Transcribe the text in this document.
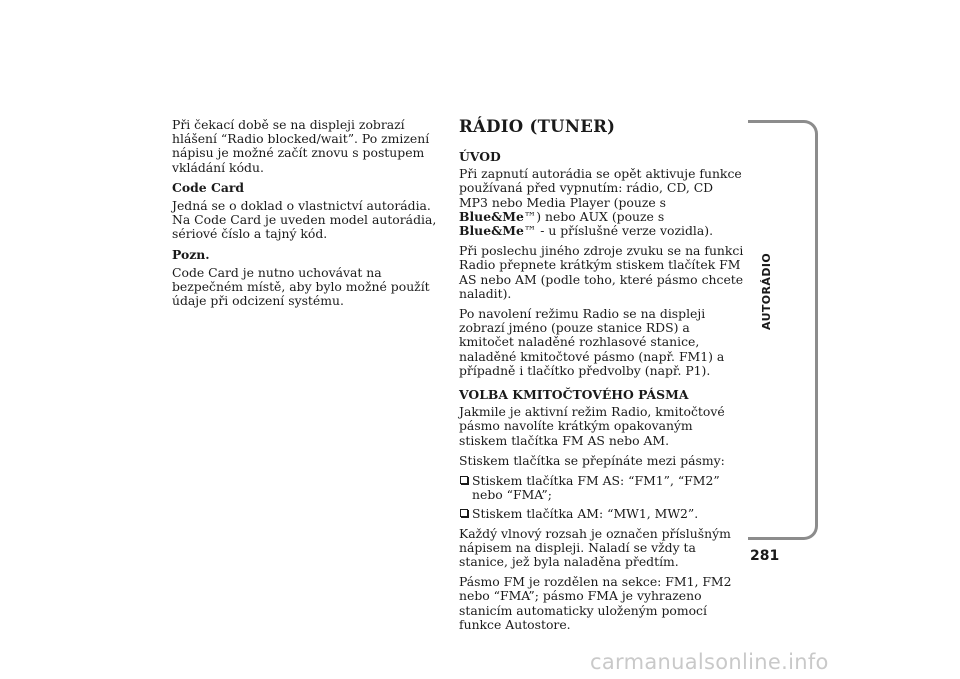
Při čekací době se na displeji zobrazí hlášení “Radio blocked/wait”. Po zmizení nápisu je možné začít znovu s postupem vkládání kódu.

Code Card

Jedná se o doklad o vlastnictví autorádia. Na Code Card je uveden model autorádia, sériové číslo a tajný kód.

Pozn.

Code Card je nutno uchovávat na bezpečném místě, aby bylo možné použít údaje při odcizení systému.

RÁDIO (TUNER)
ÚVOD

Při zapnutí autorádia se opět aktivuje funkce používaná před vypnutím: rádio, CD, CD MP3 nebo Media Player (pouze s Blue&Me™) nebo AUX (pouze s Blue&Me™ - u příslušné verze vozidla).

Při poslechu jiného zdroje zvuku se na funkci Radio přepnete krátkým stiskem tlačítek FM AS nebo AM (podle toho, které pásmo chcete naladit).

Po navolení režimu Radio se na displeji zobrazí jméno (pouze stanice RDS) a kmitočet naladěné rozhlasové stanice, naladěné kmitočtové pásmo (např. FM1) a případně i tlačítko předvolby (např. P1).

VOLBA KMITOČTOVÉHO PÁSMA

Jakmile je aktivní režim Radio, kmitočtové pásmo navolíte krátkým opakovaným stiskem tlačítka FM AS nebo AM.

Stiskem tlačítka se přepínáte mezi pásmy:

Stiskem tlačítka FM AS: “FM1”, “FM2” nebo “FMA”;
Stiskem tlačítka AM: “MW1, MW2”.

Každý vlnový rozsah je označen příslušným nápisem na displeji. Naladí se vždy ta stanice, jež byla naladěna předtím.

Pásmo FM je rozdělen na sekce: FM1, FM2 nebo “FMA”; pásmo FMA je vyhrazeno stanicím automaticky uloženým pomocí funkce Autostore.

AUTORÁDIO
281
carmanualsonline.info
